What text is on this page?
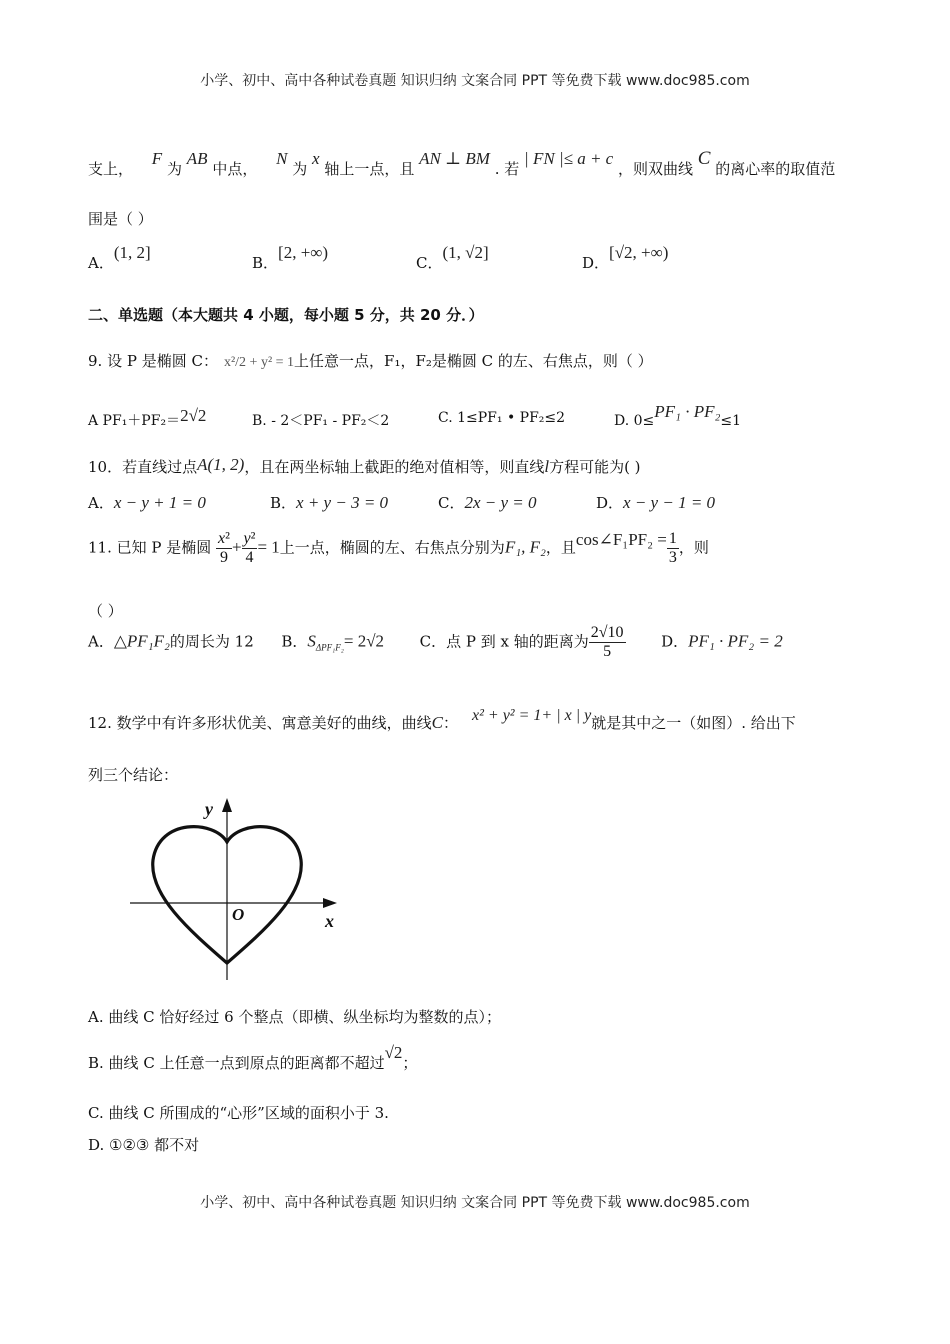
小学、初中、高中各种试卷真题 知识归纳 文案合同 PPT 等免费下载 www.doc985.com
支上， F 为 AB 中点， N 为 x 轴上一点，且 AN ⊥ BM . 若 | FN |≤ a + c ，则双曲线 C 的离心率的取值范
围是（ ）
A．(1, 2]
B．[2, +∞)
C．(1, √2]
D．[√2, +∞)
二、单选题（本大题共 4 小题，每小题 5 分，共 20 分．）
9. 设 P 是椭圆 C： x²/2 + y² = 1上任意一点，F₁，F₂是椭圆 C 的左、右焦点，则（ ）
A PF₁＋PF₂＝2√2	B. - 2＜PF₁ - PF₂＜2	C. 1≤PF₁ • PF₂≤2	D. 0≤PF₁ · PF₂≤1
10．若直线过点A(1, 2)，且在两坐标轴上截距的绝对值相等，则直线l方程可能为( )
A．x − y + 1 = 0	B．x + y − 3 = 0	C．2x − y = 0	D．x − y − 1 = 0
11. 已知 P 是椭圆 $\frac{\text{x²}}{9} + \frac{\text{y²}}{4} = 1$上一点，椭圆的左、右焦点分别为F₁, F₂，且cos∠F₁PF₂ = $\frac{1}{3}$ ，则
（ ）
A．△PF₁F₂的周长为 12 B．$S_{\Delta PF_1F_2}= 2√2$ C．点 P 到 x 轴的距离为 $\frac{2√10}{5}$ D．PF₁ · PF₂ = 2
12. 数学中有许多形状优美、寓意美好的曲线，曲线C： x² + y² = 1+ | x | y就是其中之一（如图）. 给出下
列三个结论：
y
x
O
A. 曲线 C 恰好经过 6 个整点（即横、纵坐标均为整数的点）；
B. 曲线 C 上任意一点到原点的距离都不超过√2；
C. 曲线 C 所围成的“心形”区域的面积小于 3.
D. ①②③ 都不对
小学、初中、高中各种试卷真题 知识归纳 文案合同 PPT 等免费下载 www.doc985.com
